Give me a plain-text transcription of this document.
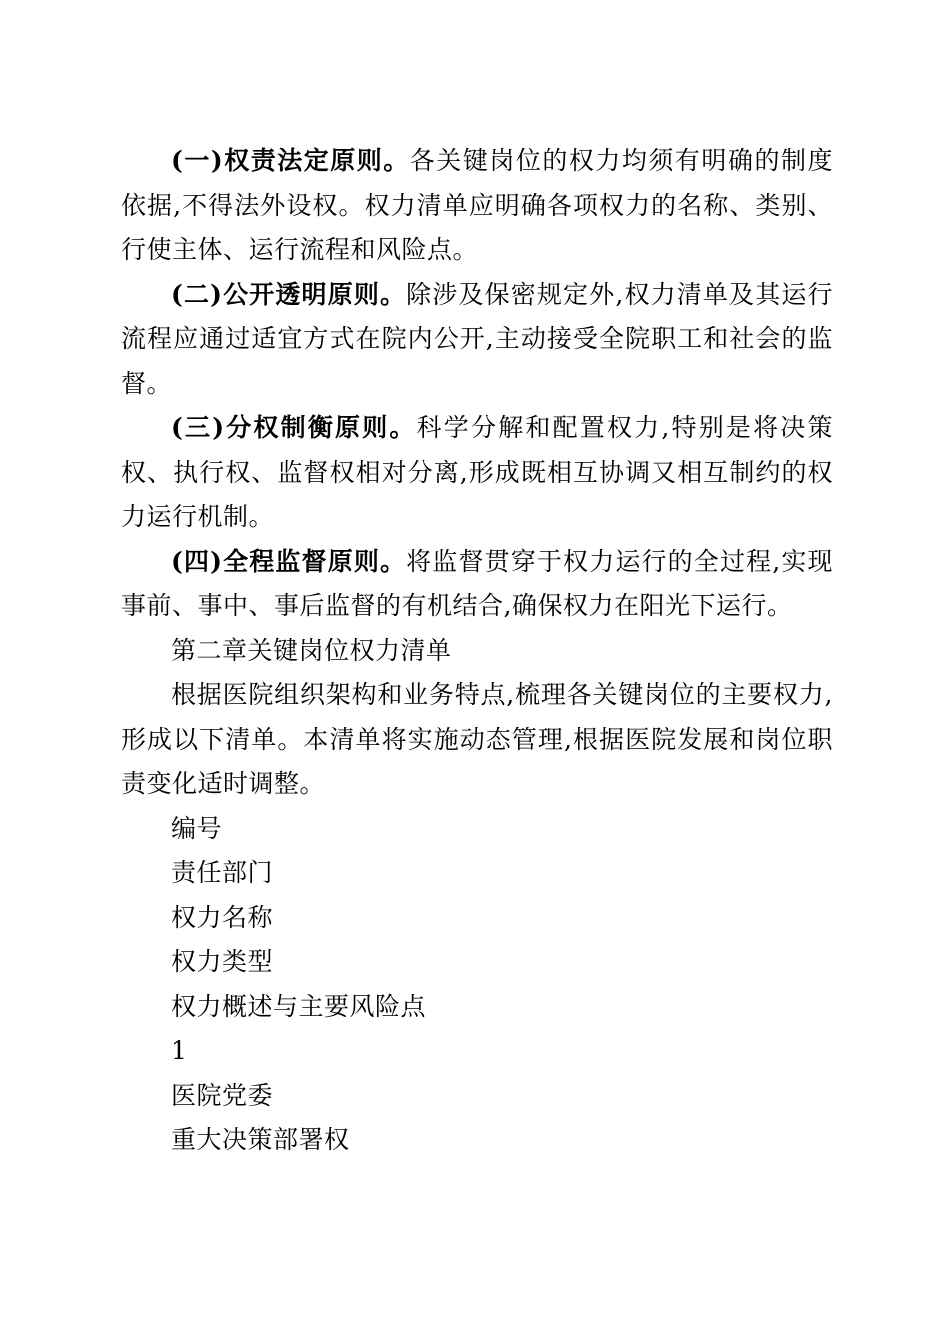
(一)权责法定原则。各关键岗位的权力均须有明确的制度依据,不得法外设权。权力清单应明确各项权力的名称、类别、行使主体、运行流程和风险点。

(二)公开透明原则。除涉及保密规定外,权力清单及其运行流程应通过适宜方式在院内公开,主动接受全院职工和社会的监督。

(三)分权制衡原则。科学分解和配置权力,特别是将决策权、执行权、监督权相对分离,形成既相互协调又相互制约的权力运行机制。

(四)全程监督原则。将监督贯穿于权力运行的全过程,实现事前、事中、事后监督的有机结合,确保权力在阳光下运行。

第二章关键岗位权力清单

根据医院组织架构和业务特点,梳理各关键岗位的主要权力,形成以下清单。本清单将实施动态管理,根据医院发展和岗位职责变化适时调整。

编号

责任部门

权力名称

权力类型

权力概述与主要风险点

1

医院党委

重大决策部署权
